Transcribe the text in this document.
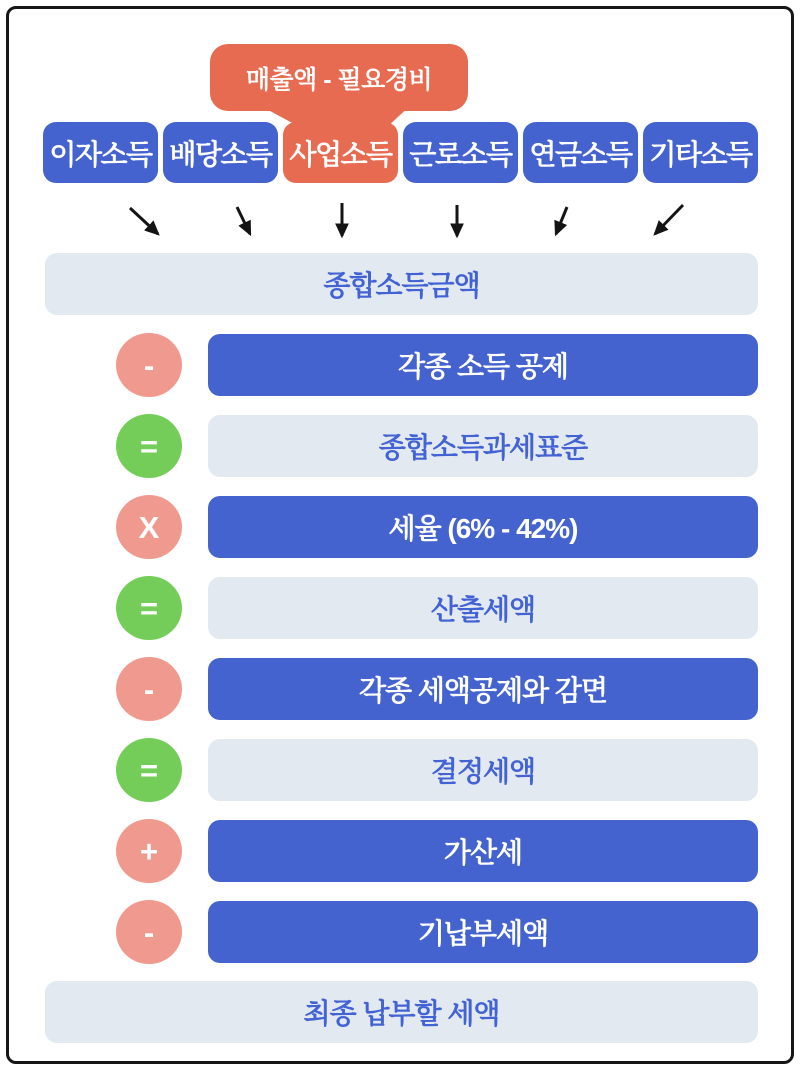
매출액 - 필요경비
이자소득 배당소득 사업소득 근로소득 연금소득 기타소득
종합소득금액
-	각종 소득 공제
=	종합소득과세표준
X	세율 (6% - 42%)
=	산출세액
-	각종 세액공제와 감면
=	결정세액
+	가산세
-	기납부세액
최종 납부할 세액
